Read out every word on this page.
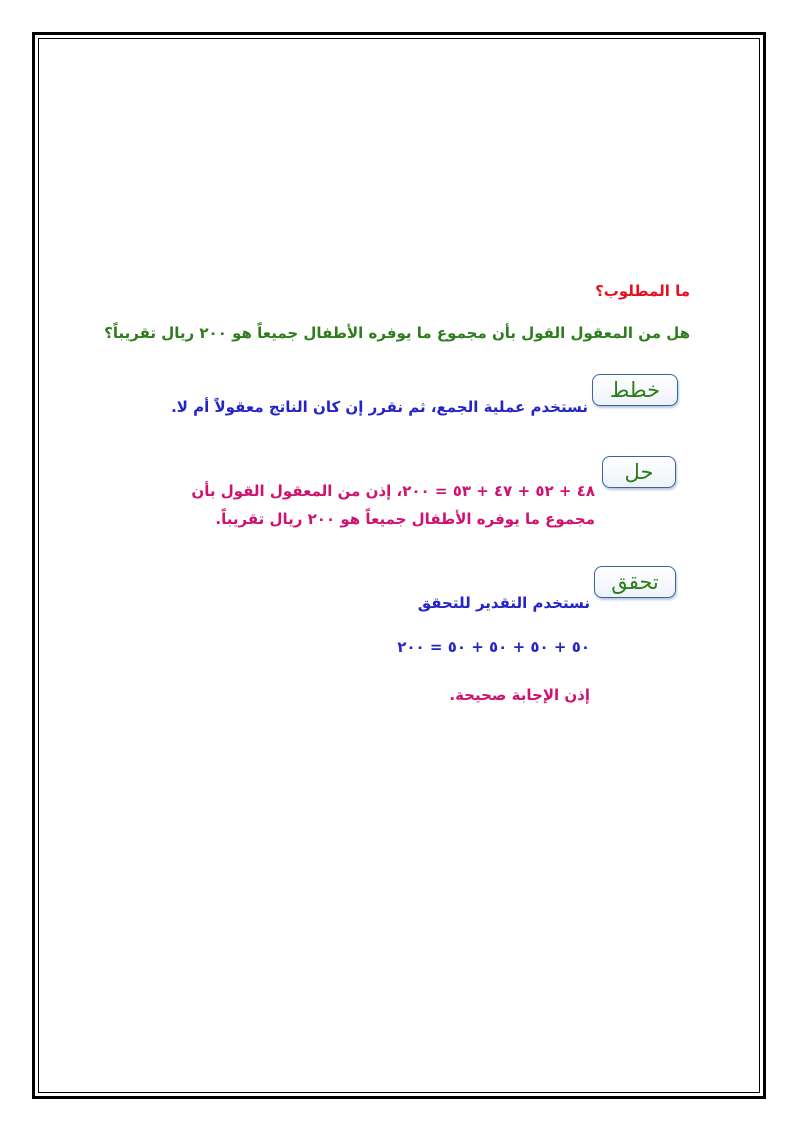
ما المطلوب؟
هل من المعقول القول بأن مجموع ما يوفره الأطفال جميعاً هو ٢٠٠ ريال تقريباً؟
خطط
نستخدم عملية الجمع، ثم نقرر إن كان الناتج معقولاً أم لا.
حل
٤٨ + ٥٢ + ٤٧ + ٥٣ = ٢٠٠، إذن من المعقول القول بأن
مجموع ما يوفره الأطفال جميعاً هو ٢٠٠ ريال تقريباً.
تحقق
نستخدم التقدير للتحقق
٥٠ + ٥٠ + ٥٠ + ٥٠ = ٢٠٠
إذن الإجابة صحيحة.
